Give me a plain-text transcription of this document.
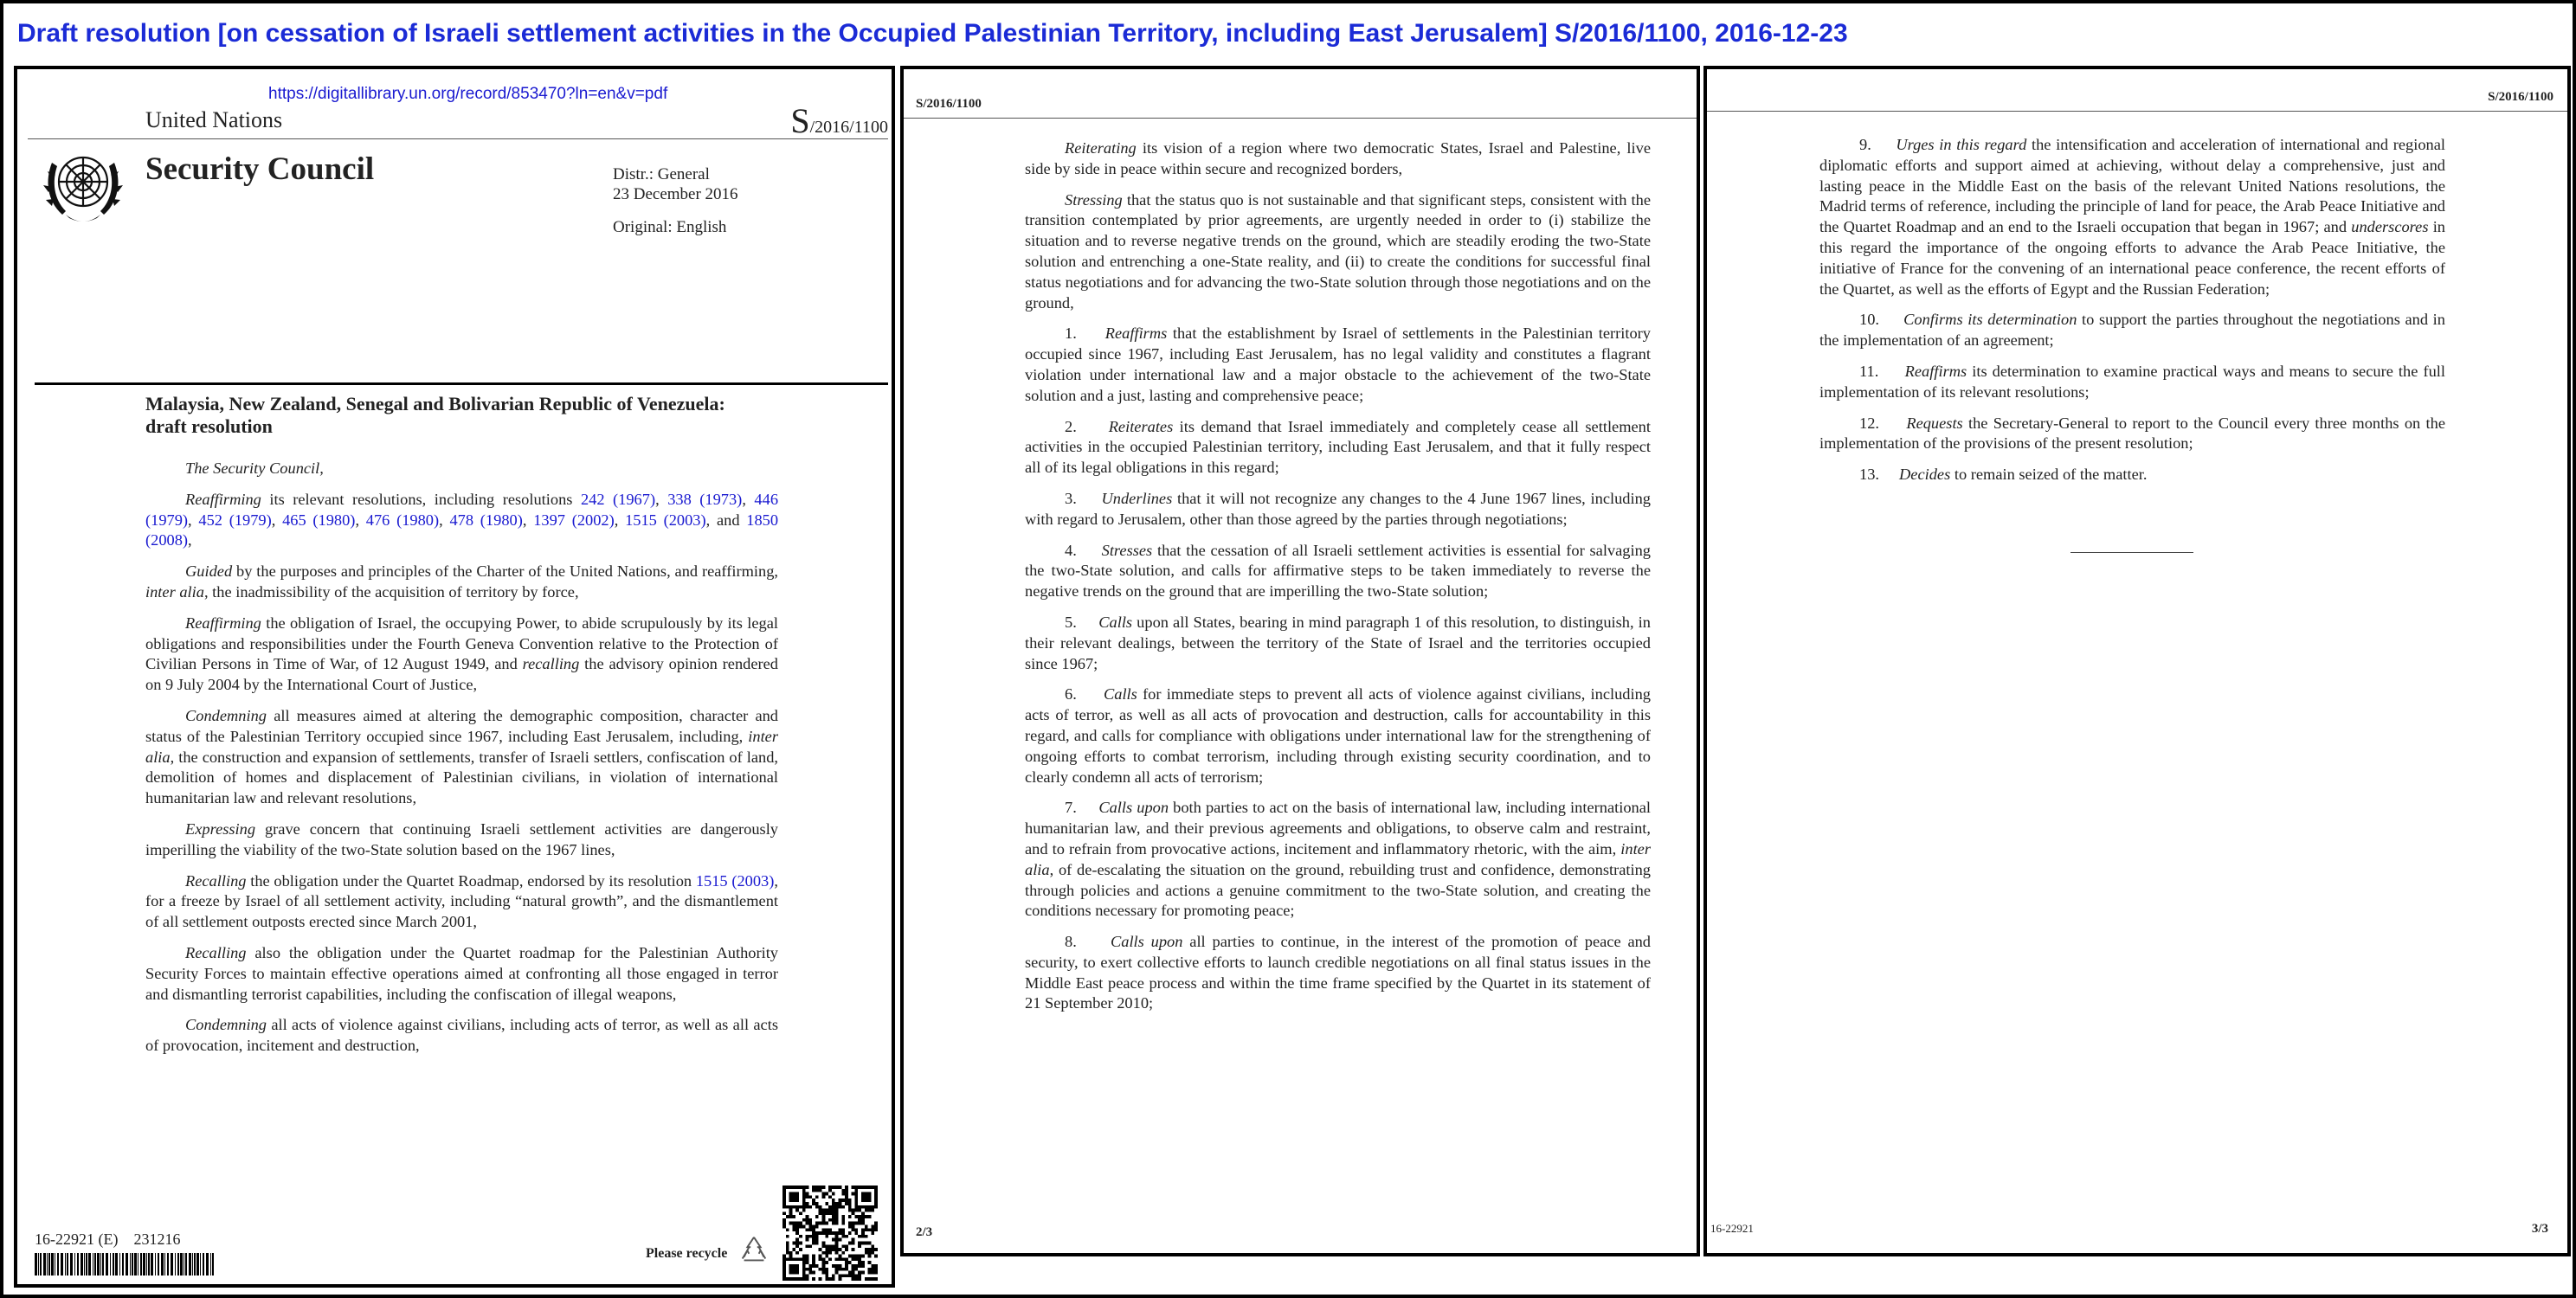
Draft resolution [on cessation of Israeli settlement activities in the Occupied Palestinian Territory, including East Jerusalem] S/2016/1100, 2016-12-23
https://digitallibrary.un.org/record/853470?ln=en&v=pdf
United Nations	S/2016/1100
Security Council	Distr.: General
23 December 2016
Original: English
Malaysia, New Zealand, Senegal and Bolivarian Republic of Venezuela: draft resolution

The Security Council,

Reaffirming its relevant resolutions, including resolutions 242 (1967), 338 (1973), 446 (1979), 452 (1979), 465 (1980), 476 (1980), 478 (1980), 1397 (2002), 1515 (2003), and 1850 (2008),

Guided by the purposes and principles of the Charter of the United Nations, and reaffirming, inter alia, the inadmissibility of the acquisition of territory by force,

Reaffirming the obligation of Israel, the occupying Power, to abide scrupulously by its legal obligations and responsibilities under the Fourth Geneva Convention relative to the Protection of Civilian Persons in Time of War, of 12 August 1949, and recalling the advisory opinion rendered on 9 July 2004 by the International Court of Justice,

Condemning all measures aimed at altering the demographic composition, character and status of the Palestinian Territory occupied since 1967, including East Jerusalem, including, inter alia, the construction and expansion of settlements, transfer of Israeli settlers, confiscation of land, demolition of homes and displacement of Palestinian civilians, in violation of international humanitarian law and relevant resolutions,

Expressing grave concern that continuing Israeli settlement activities are dangerously imperilling the viability of the two-State solution based on the 1967 lines,

Recalling the obligation under the Quartet Roadmap, endorsed by its resolution 1515 (2003), for a freeze by Israel of all settlement activity, including “natural growth”, and the dismantlement of all settlement outposts erected since March 2001,

Recalling also the obligation under the Quartet roadmap for the Palestinian Authority Security Forces to maintain effective operations aimed at confronting all those engaged in terror and dismantling terrorist capabilities, including the confiscation of illegal weapons,

Condemning all acts of violence against civilians, including acts of terror, as well as all acts of provocation, incitement and destruction,

16-22921 (E)    231216
Please recycle
S/2016/1100

Reiterating its vision of a region where two democratic States, Israel and Palestine, live side by side in peace within secure and recognized borders,

Stressing that the status quo is not sustainable and that significant steps, consistent with the transition contemplated by prior agreements, are urgently needed in order to (i) stabilize the situation and to reverse negative trends on the ground, which are steadily eroding the two-State solution and entrenching a one-State reality, and (ii) to create the conditions for successful final status negotiations and for advancing the two-State solution through those negotiations and on the ground,

1. Reaffirms that the establishment by Israel of settlements in the Palestinian territory occupied since 1967, including East Jerusalem, has no legal validity and constitutes a flagrant violation under international law and a major obstacle to the achievement of the two-State solution and a just, lasting and comprehensive peace;

2. Reiterates its demand that Israel immediately and completely cease all settlement activities in the occupied Palestinian territory, including East Jerusalem, and that it fully respect all of its legal obligations in this regard;

3. Underlines that it will not recognize any changes to the 4 June 1967 lines, including with regard to Jerusalem, other than those agreed by the parties through negotiations;

4. Stresses that the cessation of all Israeli settlement activities is essential for salvaging the two-State solution, and calls for affirmative steps to be taken immediately to reverse the negative trends on the ground that are imperilling the two-State solution;

5. Calls upon all States, bearing in mind paragraph 1 of this resolution, to distinguish, in their relevant dealings, between the territory of the State of Israel and the territories occupied since 1967;

6. Calls for immediate steps to prevent all acts of violence against civilians, including acts of terror, as well as all acts of provocation and destruction, calls for accountability in this regard, and calls for compliance with obligations under international law for the strengthening of ongoing efforts to combat terrorism, including through existing security coordination, and to clearly condemn all acts of terrorism;

7. Calls upon both parties to act on the basis of international law, including international humanitarian law, and their previous agreements and obligations, to observe calm and restraint, and to refrain from provocative actions, incitement and inflammatory rhetoric, with the aim, inter alia, of de-escalating the situation on the ground, rebuilding trust and confidence, demonstrating through policies and actions a genuine commitment to the two-State solution, and creating the conditions necessary for promoting peace;

8. Calls upon all parties to continue, in the interest of the promotion of peace and security, to exert collective efforts to launch credible negotiations on all final status issues in the Middle East peace process and within the time frame specified by the Quartet in its statement of 21 September 2010;

2/3
S/2016/1100

9. Urges in this regard the intensification and acceleration of international and regional diplomatic efforts and support aimed at achieving, without delay a comprehensive, just and lasting peace in the Middle East on the basis of the relevant United Nations resolutions, the Madrid terms of reference, including the principle of land for peace, the Arab Peace Initiative and the Quartet Roadmap and an end to the Israeli occupation that began in 1967; and underscores in this regard the importance of the ongoing efforts to advance the Arab Peace Initiative, the initiative of France for the convening of an international peace conference, the recent efforts of the Quartet, as well as the efforts of Egypt and the Russian Federation;

10. Confirms its determination to support the parties throughout the negotiations and in the implementation of an agreement;

11. Reaffirms its determination to examine practical ways and means to secure the full implementation of its relevant resolutions;

12. Requests the Secretary-General to report to the Council every three months on the implementation of the provisions of the present resolution;

13. Decides to remain seized of the matter.

16-22921	3/3
